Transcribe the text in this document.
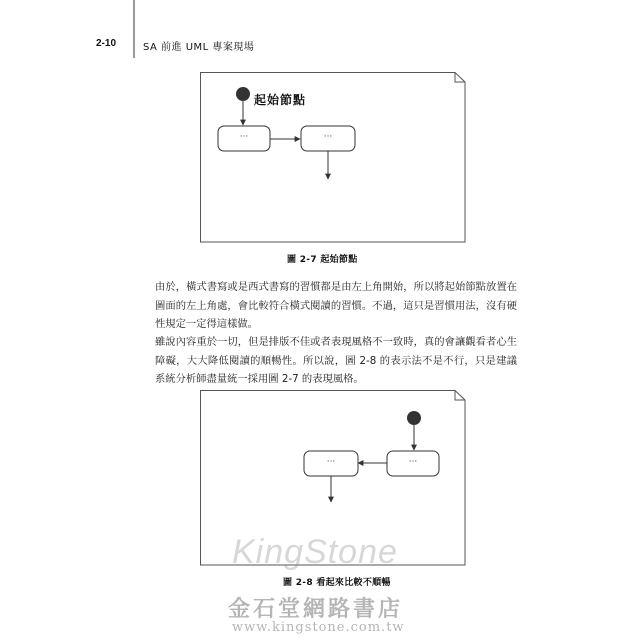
2-10	SA 前進 UML 專案現場
起始節點
···	···
圖 2-7 起始節點
由於，橫式書寫或是西式書寫的習慣都是由左上角開始，所以將起始節點放置在圖面的左上角處，會比較符合橫式閱讀的習慣。不過，這只是習慣用法，沒有硬性規定一定得這樣做。
雖說內容重於一切，但是排版不佳或者表現風格不一致時，真的會讓觀看者心生障礙，大大降低閱讀的順暢性。所以說，圖 2-8 的表示法不是不行，只是建議系統分析師盡量統一採用圖 2-7 的表現風格。
···
···
圖 2-8 看起來比較不順暢
KingStone
金石堂網路書店
www.kingstone.com.tw
